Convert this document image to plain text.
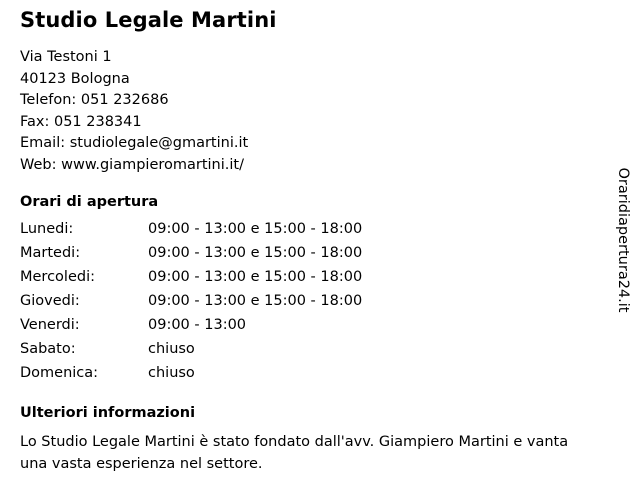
Studio Legale Martini
Via Testoni 1
40123 Bologna
Telefon: 051 232686
Fax: 051 238341
Email: studiolegale@gmartini.it
Web: www.giampieromartini.it/
Orari di apertura
Lunedi:	09:00 - 13:00 e 15:00 - 18:00
Martedi:	09:00 - 13:00 e 15:00 - 18:00
Mercoledi:	09:00 - 13:00 e 15:00 - 18:00
Giovedi:	09:00 - 13:00 e 15:00 - 18:00
Venerdi:	09:00 - 13:00
Sabato:	chiuso
Domenica:	chiuso
Ulteriori informazioni
Lo Studio Legale Martini è stato fondato dall'avv. Giampiero Martini e vanta una vasta esperienza nel settore.
Oraridiapertura24.it
